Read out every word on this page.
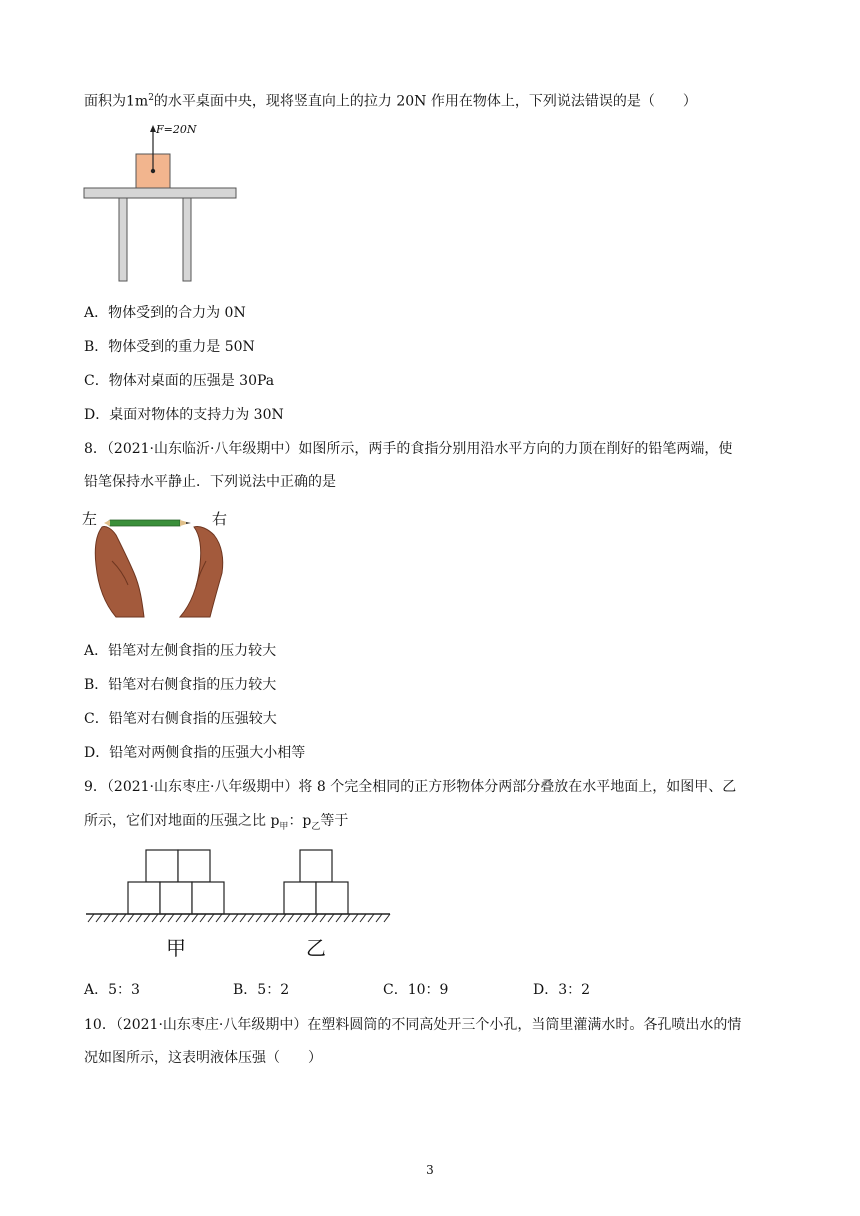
面积为$1m^2$的水平桌面中央，现将竖直向上的拉力 20N 作用在物体上，下列说法错误的是（　　）
F=20N
A．物体受到的合力为 0N
B．物体受到的重力是 50N
C．物体对桌面的压强是 30Pa
D．桌面对物体的支持力为 30N
8．（2021·山东临沂·八年级期中）如图所示，两手的食指分别用沿水平方向的力顶在削好的铅笔两端，使
铅笔保持水平静止．下列说法中正确的是
左	右
A．铅笔对左侧食指的压力较大
B．铅笔对右侧食指的压力较大
C．铅笔对右侧食指的压强较大
D．铅笔对两侧食指的压强大小相等
9．（2021·山东枣庄·八年级期中）将 8 个完全相同的正方形物体分两部分叠放在水平地面上，如图甲、乙
所示，它们对地面的压强之比 $p_甲$：$p_乙$等于
甲	乙
A．5：3	B．5：2	C．10：9	D．3：2
10．（2021·山东枣庄·八年级期中）在塑料圆筒的不同高处开三个小孔，当筒里灌满水时。各孔喷出水的情
况如图所示，这表明液体压强（　　）
3
